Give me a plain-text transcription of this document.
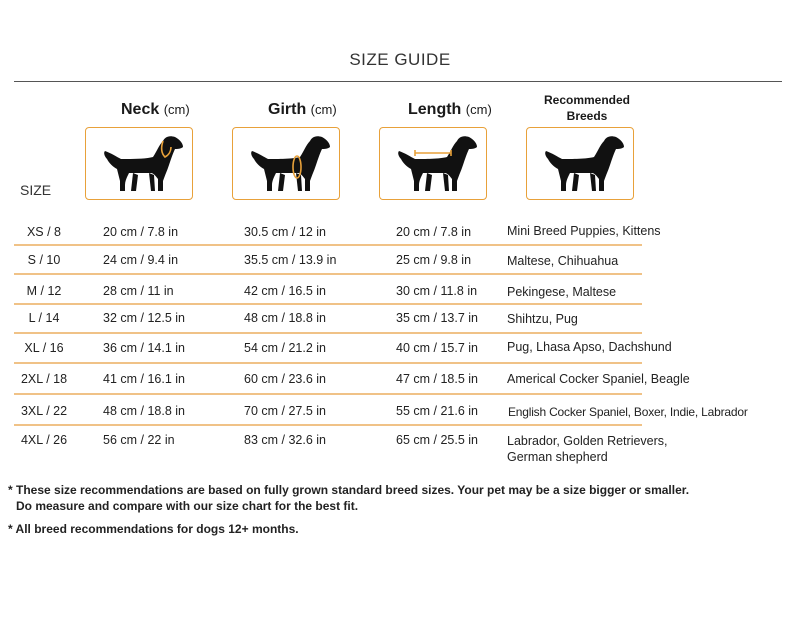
SIZE GUIDE
Neck (cm)	Girth (cm)	Length (cm)
Recommended
Breeds
SIZE
XS / 8	20 cm / 7.8 in	30.5 cm / 12 in	20 cm / 7.8 in	Mini Breed Puppies, Kittens
S / 10	24 cm / 9.4 in	35.5 cm / 13.9 in	25 cm / 9.8 in	Maltese, Chihuahua
M / 12	28 cm / 11 in	42 cm / 16.5 in	30 cm / 11.8 in Pekingese, Maltese
L / 14	32 cm / 12.5 in	48 cm / 18.8 in	35 cm / 13.7 in Shihtzu, Pug
XL / 16	36 cm / 14.1 in	54 cm / 21.2 in	40 cm / 15.7 in Pug, Lhasa Apso, Dachshund
2XL / 18	41 cm / 16.1 in	60 cm / 23.6 in	47 cm / 18.5 in Americal Cocker Spaniel, Beagle
3XL / 22	48 cm / 18.8 in	70 cm / 27.5 in	55 cm / 21.6 in	English Cocker Spaniel, Boxer, Indie, Labrador
4XL / 26	56 cm / 22 in	83 cm / 32.6 in	65 cm / 25.5 in Labrador, Golden Retrievers,
German shepherd
* These size recommendations are based on fully grown standard breed sizes. Your pet may be a size bigger or smaller.
Do measure and compare with our size chart for the best fit.
* All breed recommendations for dogs 12+ months.
